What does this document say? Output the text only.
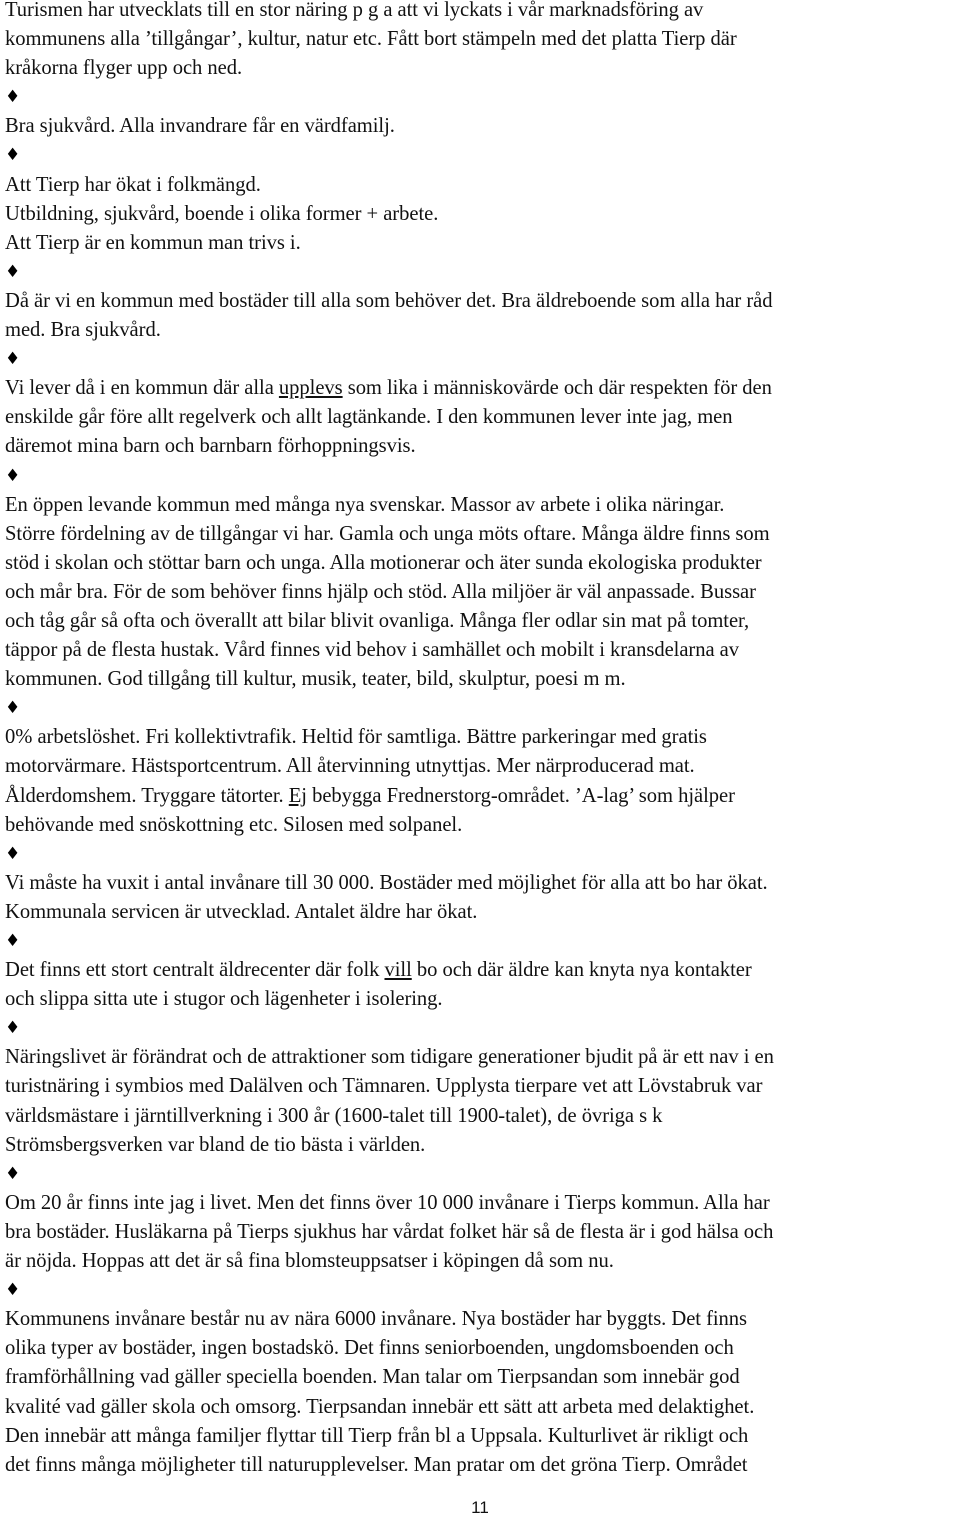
Turismen har utvecklats till en stor näring p g a att vi lyckats i vår marknadsföring av
kommunens alla ’tillgångar’, kultur, natur etc. Fått bort stämpeln med det platta Tierp där
kråkorna flyger upp och ned.
♦
Bra sjukvård. Alla invandrare får en värdfamilj.
♦
Att Tierp har ökat i folkmängd.
Utbildning, sjukvård, boende i olika former + arbete.
Att Tierp är en kommun man trivs i.
♦
Då är vi en kommun med bostäder till alla som behöver det. Bra äldreboende som alla har råd
med. Bra sjukvård.
♦
Vi lever då i en kommun där alla upplevs som lika i människovärde och där respekten för den
enskilde går före allt regelverk och allt lagtänkande. I den kommunen lever inte jag, men
däremot mina barn och barnbarn förhoppningsvis.
♦
En öppen levande kommun med många nya svenskar. Massor av arbete i olika näringar.
Större fördelning av de tillgångar vi har. Gamla och unga möts oftare. Många äldre finns som
stöd i skolan och stöttar barn och unga. Alla motionerar och äter sunda ekologiska produkter
och mår bra. För de som behöver finns hjälp och stöd. Alla miljöer är väl anpassade. Bussar
och tåg går så ofta och överallt att bilar blivit ovanliga. Många fler odlar sin mat på tomter,
täppor på de flesta hustak. Vård finnes vid behov i samhället och mobilt i kransdelarna av
kommunen. God tillgång till kultur, musik, teater, bild, skulptur, poesi m m.
♦
0% arbetslöshet. Fri kollektivtrafik. Heltid för samtliga. Bättre parkeringar med gratis
motorvärmare. Hästsportcentrum. All återvinning utnyttjas. Mer närproducerad mat.
Ålderdomshem. Tryggare tätorter. Ej bebygga Frednerstorg-området. ’A-lag’ som hjälper
behövande med snöskottning etc. Silosen med solpanel.
♦
Vi måste ha vuxit i antal invånare till 30 000. Bostäder med möjlighet för alla att bo har ökat.
Kommunala servicen är utvecklad. Antalet äldre har ökat.
♦
Det finns ett stort centralt äldrecenter där folk vill bo och där äldre kan knyta nya kontakter
och slippa sitta ute i stugor och lägenheter i isolering.
♦
Näringslivet är förändrat och de attraktioner som tidigare generationer bjudit på är ett nav i en
turistnäring i symbios med Dalälven och Tämnaren. Upplysta tierpare vet att Lövstabruk var
världsmästare i järntillverkning i 300 år (1600-talet till 1900-talet), de övriga s k
Strömsbergsverken var bland de tio bästa i världen.
♦
Om 20 år finns inte jag i livet. Men det finns över 10 000 invånare i Tierps kommun. Alla har
bra bostäder. Husläkarna på Tierps sjukhus har vårdat folket här så de flesta är i god hälsa och
är nöjda. Hoppas att det är så fina blomsteuppsatser i köpingen då som nu.
♦
Kommunens invånare består nu av nära 6000 invånare. Nya bostäder har byggts. Det finns
olika typer av bostäder, ingen bostadskö. Det finns seniorboenden, ungdomsboenden och
framförhållning vad gäller speciella boenden. Man talar om Tierpsandan som innebär god
kvalité vad gäller skola och omsorg. Tierpsandan innebär ett sätt att arbeta med delaktighet.
Den innebär att många familjer flyttar till Tierp från bl a Uppsala. Kulturlivet är rikligt och
det finns många möjligheter till naturupplevelser. Man pratar om det gröna Tierp. Området
11
